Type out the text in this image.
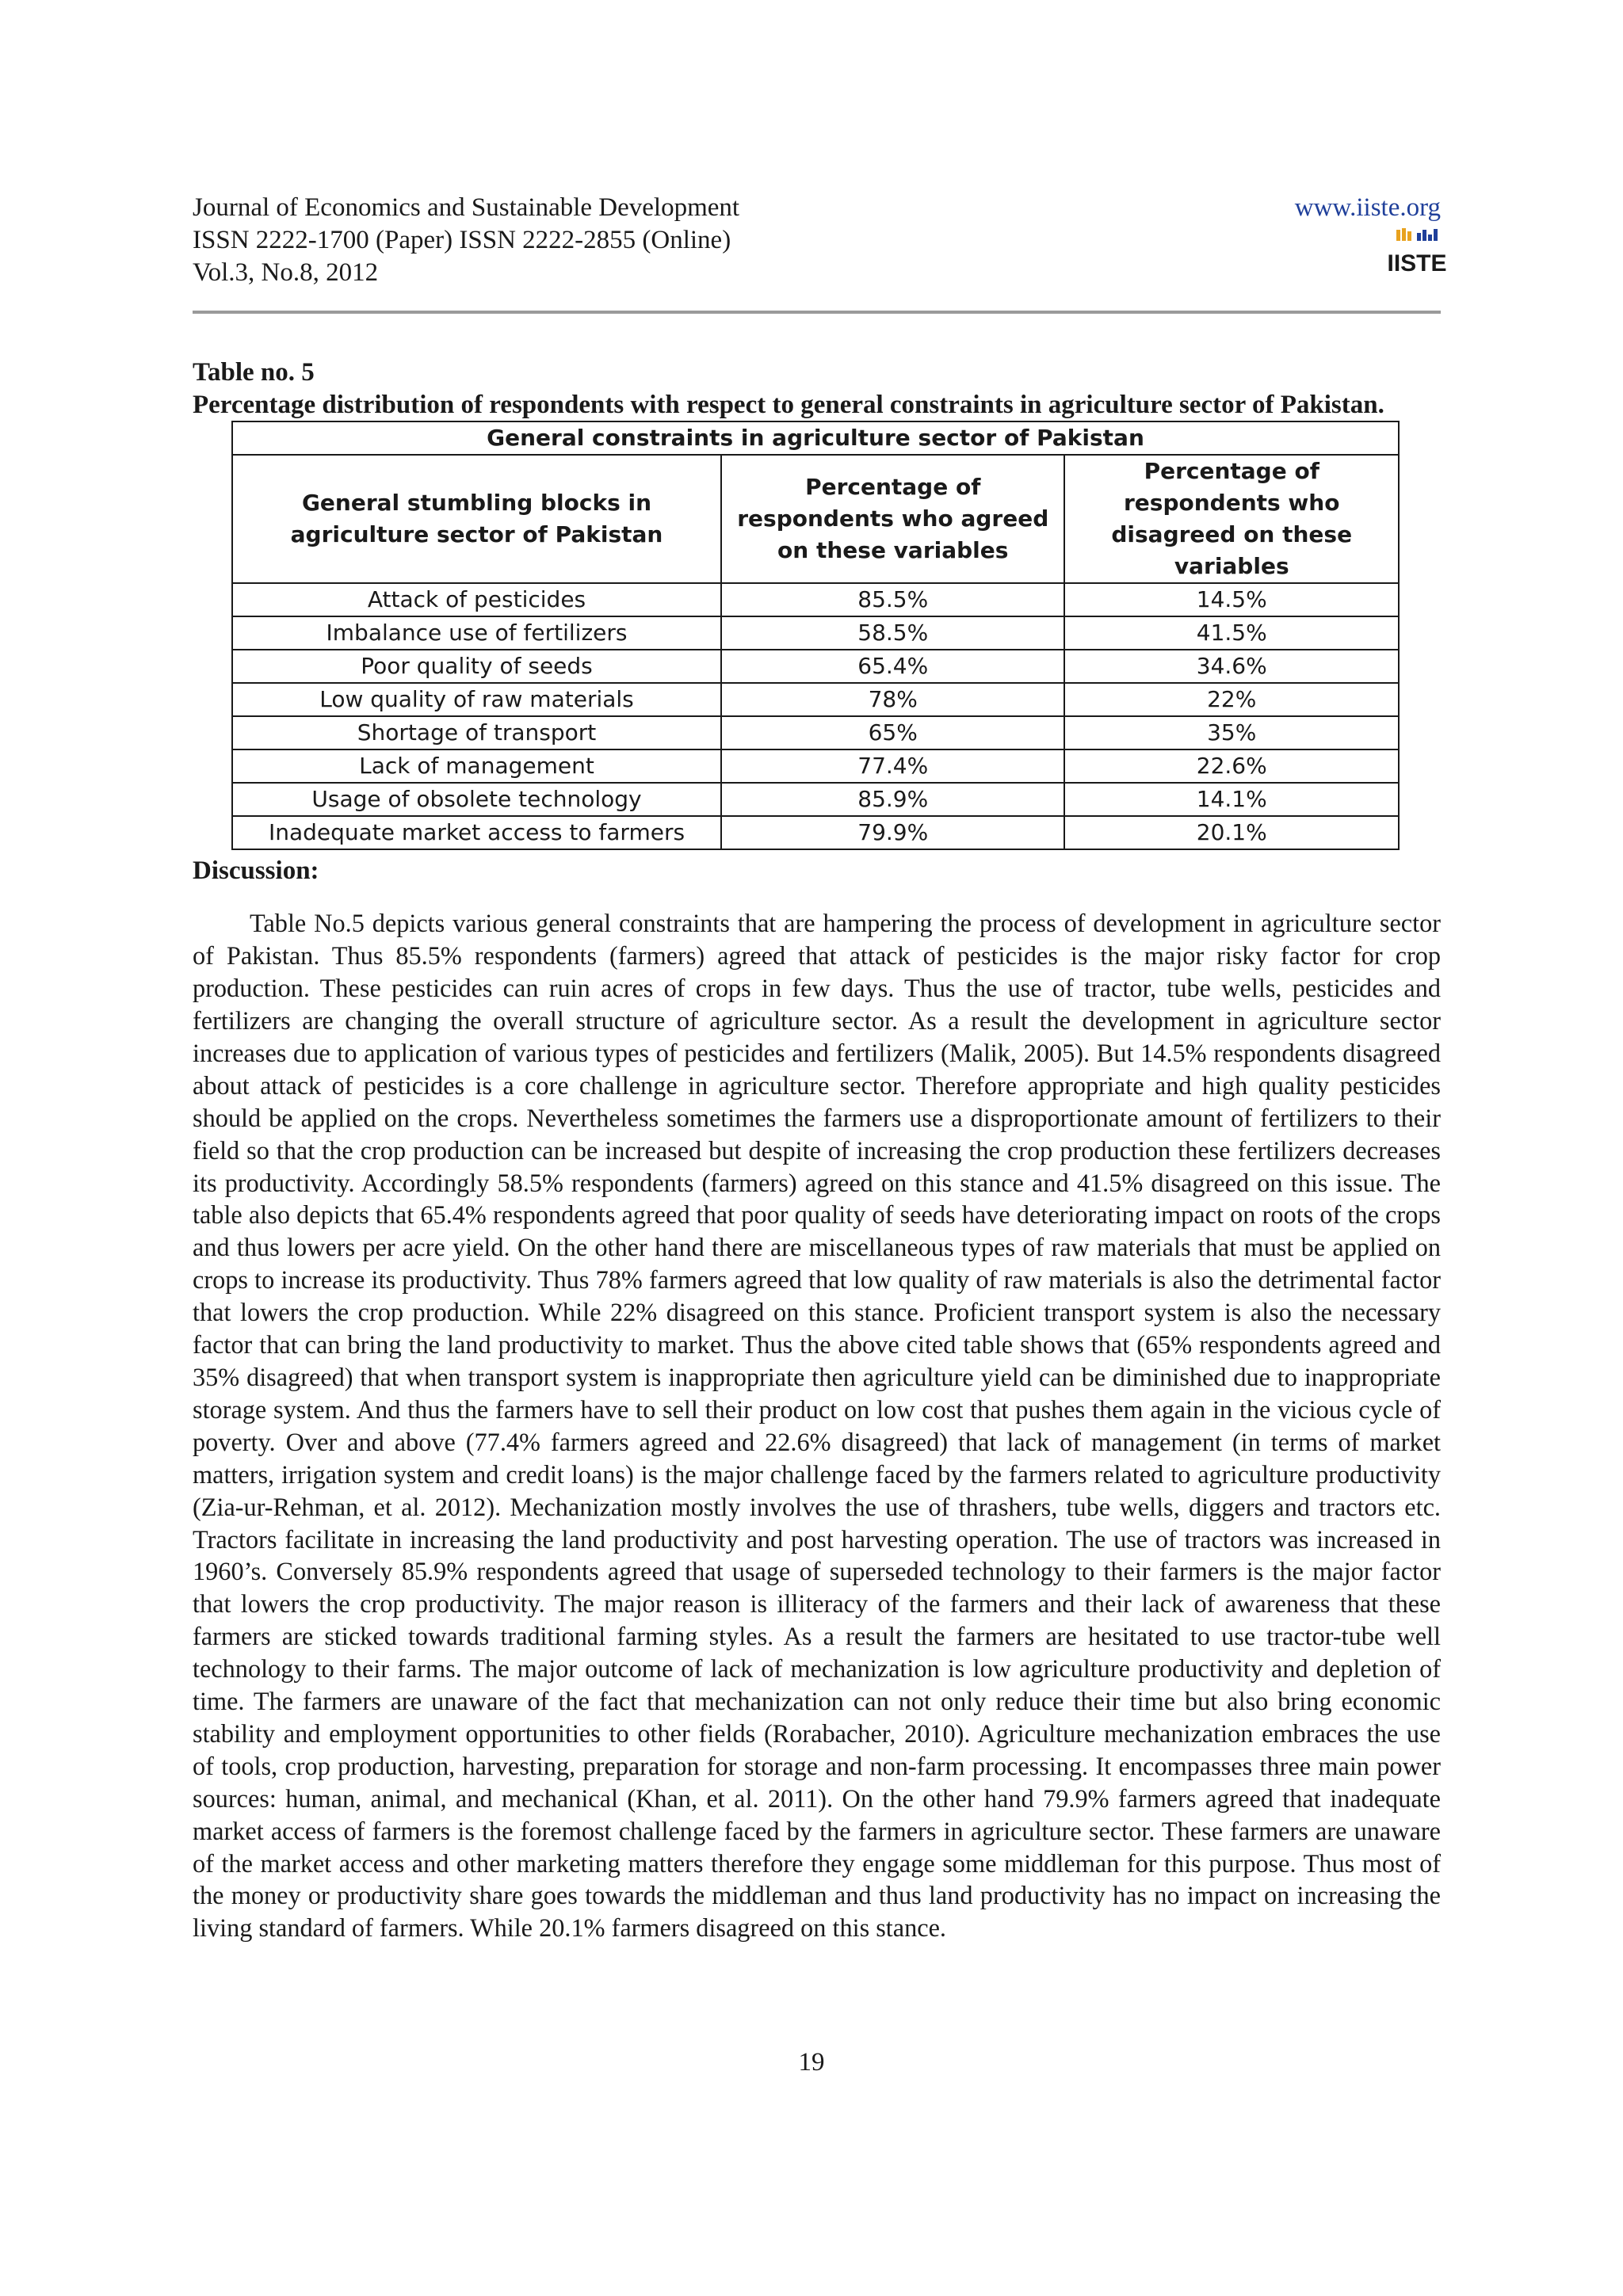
Journal of Economics and Sustainable Development
ISSN 2222-1700 (Paper) ISSN 2222-2855 (Online)
Vol.3, No.8, 2012
www.iiste.org
IISTE
Table no. 5
Percentage distribution of respondents with respect to general constraints in agriculture sector of Pakistan.
General constraints in agriculture sector of Pakistan		
General stumbling blocks in agriculture sector of Pakistan	Percentage of respondents who agreed on these variables	Percentage of respondents who disagreed on these variables
Attack of pesticides	85.5%	14.5%
Imbalance use of fertilizers	58.5%	41.5%
Poor quality of seeds	65.4%	34.6%
Low quality of raw materials	78%	22%
Shortage of transport	65%	35%
Lack of management	77.4%	22.6%
Usage of obsolete technology	85.9%	14.1%
Inadequate market access to farmers	79.9%	20.1%
Discussion:

Table No.5 depicts various general constraints that are hampering the process of development in agriculture sector of Pakistan. Thus 85.5% respondents (farmers) agreed that attack of pesticides is the major risky factor for crop production. These pesticides can ruin acres of crops in few days. Thus the use of tractor, tube wells, pesticides and fertilizers are changing the overall structure of agriculture sector. As a result the development in agriculture sector increases due to application of various types of pesticides and fertilizers (Malik, 2005). But 14.5% respondents disagreed about attack of pesticides is a core challenge in agriculture sector. Therefore appropriate and high quality pesticides should be applied on the crops. Nevertheless sometimes the farmers use a disproportionate amount of fertilizers to their field so that the crop production can be increased but despite of increasing the crop production these fertilizers decreases its productivity. Accordingly 58.5% respondents (farmers) agreed on this stance and 41.5% disagreed on this issue. The table also depicts that 65.4% respondents agreed that poor quality of seeds have deteriorating impact on roots of the crops and thus lowers per acre yield. On the other hand there are miscellaneous types of raw materials that must be applied on crops to increase its productivity. Thus 78% farmers agreed that low quality of raw materials is also the detrimental factor that lowers the crop production. While 22% disagreed on this stance. Proficient transport system is also the necessary factor that can bring the land productivity to market. Thus the above cited table shows that (65% respondents agreed and 35% disagreed) that when transport system is inappropriate then agriculture yield can be diminished due to inappropriate storage system. And thus the farmers have to sell their product on low cost that pushes them again in the vicious cycle of poverty. Over and above (77.4% farmers agreed and 22.6% disagreed) that lack of management (in terms of market matters, irrigation system and credit loans) is the major challenge faced by the farmers related to agriculture productivity (Zia-ur-Rehman, et al. 2012). Mechanization mostly involves the use of thrashers, tube wells, diggers and tractors etc. Tractors facilitate in increasing the land productivity and post harvesting operation. The use of tractors was increased in 1960’s. Conversely 85.9% respondents agreed that usage of superseded technology to their farmers is the major factor that lowers the crop productivity. The major reason is illiteracy of the farmers and their lack of awareness that these farmers are sticked towards traditional farming styles. As a result the farmers are hesitated to use tractor-tube well technology to their farms. The major outcome of lack of mechanization is low agriculture productivity and depletion of time. The farmers are unaware of the fact that mechanization can not only reduce their time but also bring economic stability and employment opportunities to other fields (Rorabacher, 2010). Agriculture mechanization embraces the use of tools, crop production, harvesting, preparation for storage and non-farm processing. It encompasses three main power sources: human, animal, and mechanical (Khan, et al. 2011). On the other hand 79.9% farmers agreed that inadequate market access of farmers is the foremost challenge faced by the farmers in agriculture sector. These farmers are unaware of the market access and other marketing matters therefore they engage some middleman for this purpose. Thus most of the money or productivity share goes towards the middleman and thus land productivity has no impact on increasing the living standard of farmers. While 20.1% farmers disagreed on this stance.

19
